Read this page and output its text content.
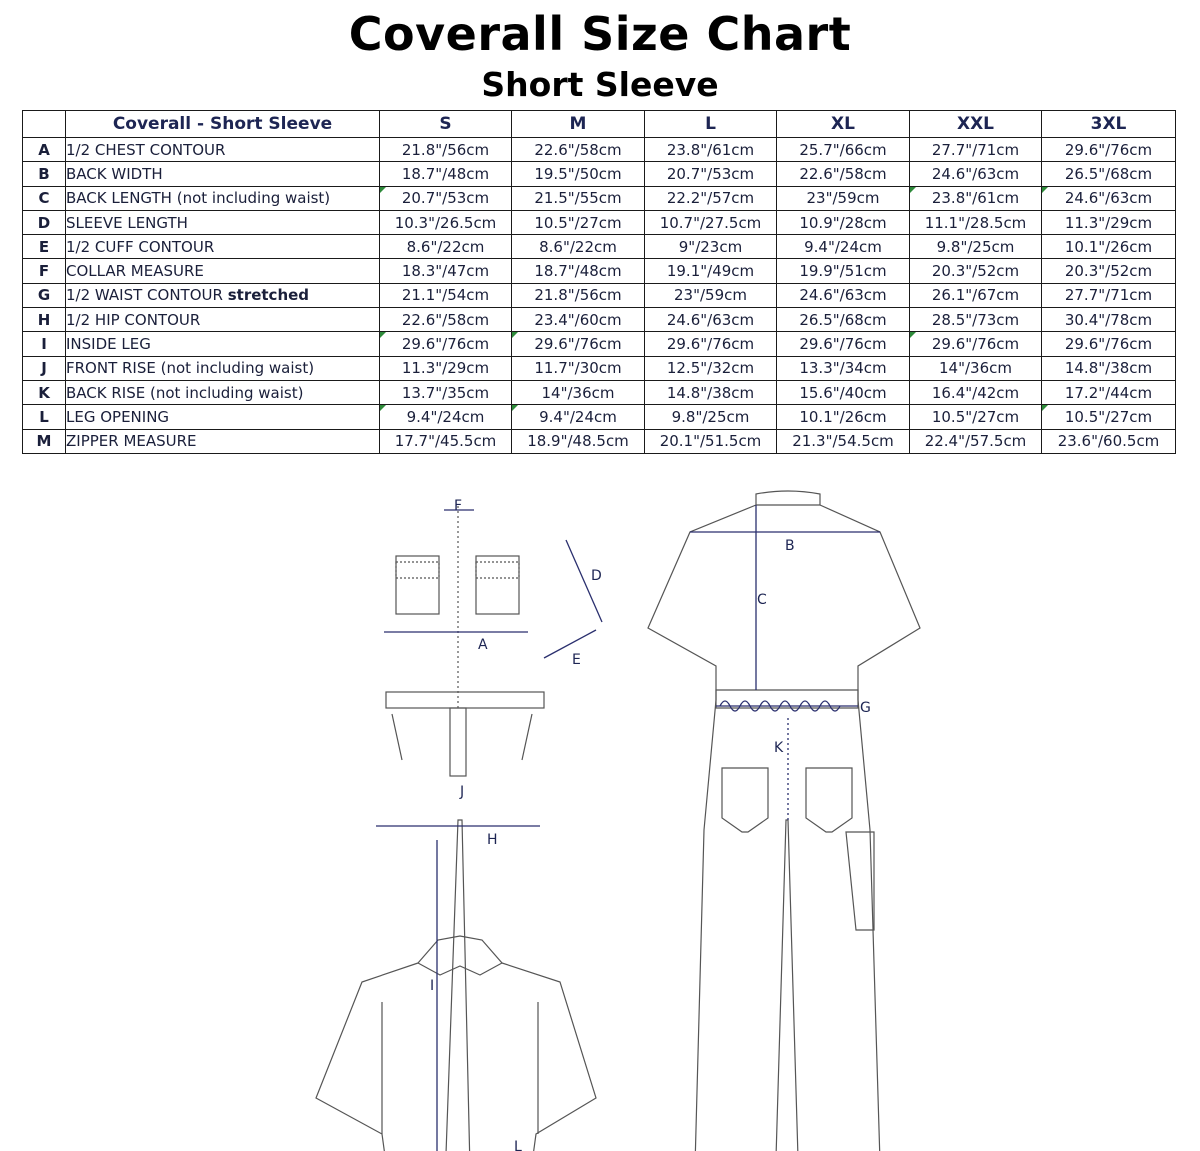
Coverall Size Chart
Short Sleeve
	Coverall - Short Sleeve	S	M	L	XL	XXL	3XL
A	1/2 CHEST CONTOUR	21.8"/56cm	22.6"/58cm	23.8"/61cm	25.7"/66cm	27.7"/71cm	29.6"/76cm
B	BACK WIDTH	18.7"/48cm	19.5"/50cm	20.7"/53cm	22.6"/58cm	24.6"/63cm	26.5"/68cm
C	BACK LENGTH (not including waist)	20.7"/53cm	21.5"/55cm	22.2"/57cm	23"/59cm	23.8"/61cm	24.6"/63cm
D	SLEEVE LENGTH	10.3"/26.5cm	10.5"/27cm	10.7"/27.5cm	10.9"/28cm	11.1"/28.5cm	11.3"/29cm
E	1/2 CUFF CONTOUR	8.6"/22cm	8.6"/22cm	9"/23cm	9.4"/24cm	9.8"/25cm	10.1"/26cm
F	COLLAR MEASURE	18.3"/47cm	18.7"/48cm	19.1"/49cm	19.9"/51cm	20.3"/52cm	20.3"/52cm
G	1/2 WAIST CONTOUR stretched	21.1"/54cm	21.8"/56cm	23"/59cm	24.6"/63cm	26.1"/67cm	27.7"/71cm
H	1/2 HIP CONTOUR	22.6"/58cm	23.4"/60cm	24.6"/63cm	26.5"/68cm	28.5"/73cm	30.4"/78cm
I	INSIDE LEG	29.6"/76cm	29.6"/76cm	29.6"/76cm	29.6"/76cm	29.6"/76cm	29.6"/76cm
J	FRONT RISE (not including waist)	11.3"/29cm	11.7"/30cm	12.5"/32cm	13.3"/34cm	14"/36cm	14.8"/38cm
K	BACK RISE (not including waist)	13.7"/35cm	14"/36cm	14.8"/38cm	15.6"/40cm	16.4"/42cm	17.2"/44cm
L	LEG OPENING	9.4"/24cm	9.4"/24cm	9.8"/25cm	10.1"/26cm	10.5"/27cm	10.5"/27cm
M	ZIPPER MEASURE	17.7"/45.5cm	18.9"/48.5cm	20.1"/51.5cm	21.3"/54.5cm	22.4"/57.5cm	23.6"/60.5cm
F
D
A
E
J
H
I
L
B
C
G
K
